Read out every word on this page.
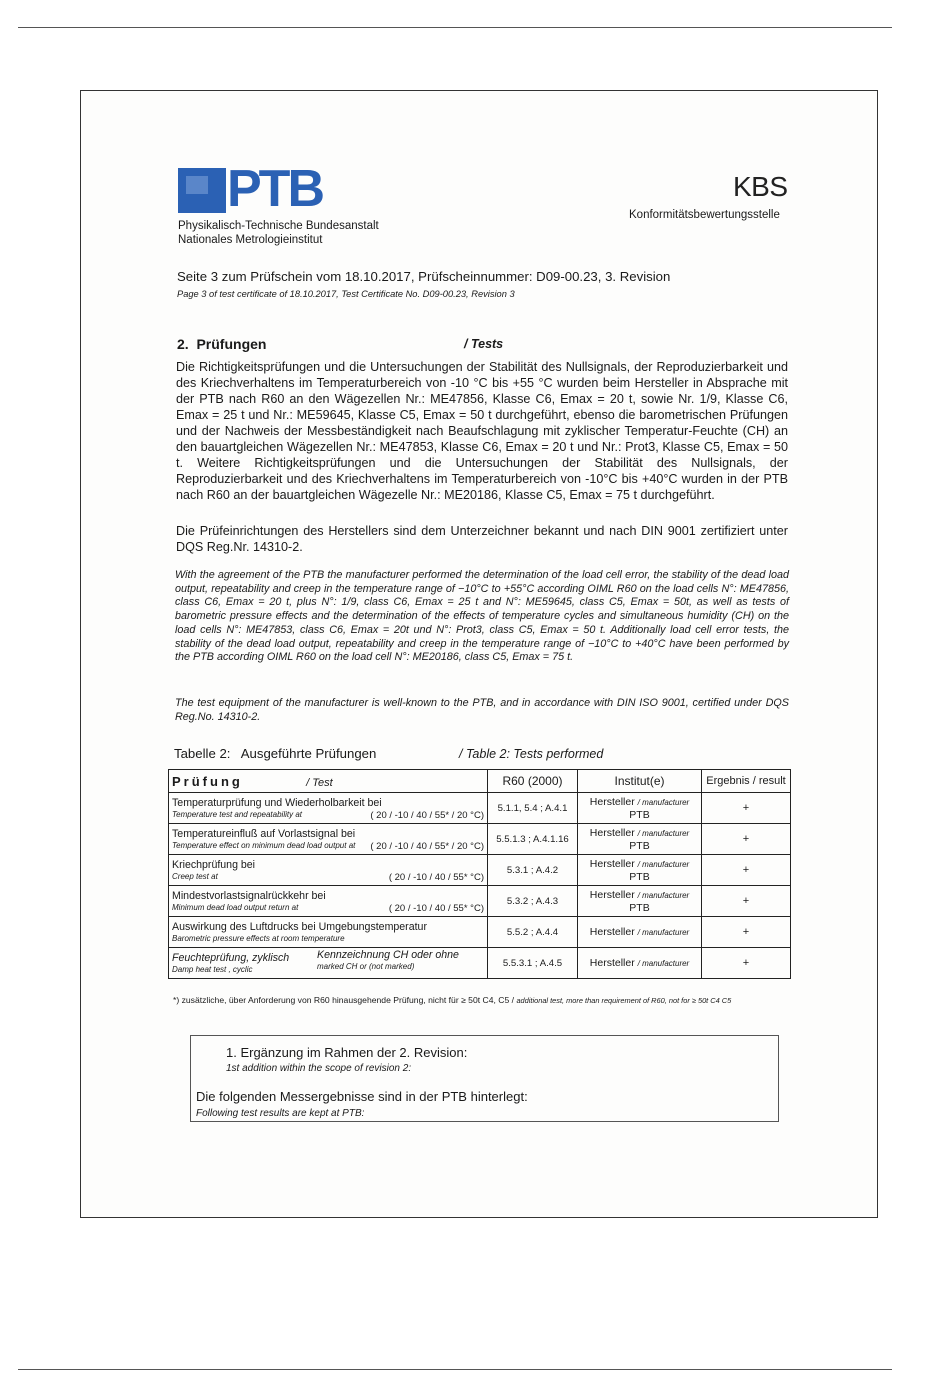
PTB
Physikalisch-Technische Bundesanstalt
Nationales Metrologieinstitut
KBS
Konformitätsbewertungsstelle
Seite 3 zum Prüfschein vom 18.10.2017, Prüfscheinnummer: D09-00.23, 3. Revision
Page 3 of test certificate of 18.10.2017, Test Certificate No. D09-00.23, Revision 3
2. Prüfungen	/ Tests
Die Richtigkeitsprüfungen und die Untersuchungen der Stabilität des Nullsignals, der Reproduzierbarkeit und des Kriechverhaltens im Temperaturbereich von -10 °C bis +55 °C wurden beim Hersteller in Absprache mit der PTB nach R60 an den Wägezellen Nr.: ME47856, Klasse C6, Emax = 20 t, sowie Nr. 1/9, Klasse C6, Emax = 25 t und Nr.: ME59645, Klasse C5, Emax = 50 t durchgeführt, ebenso die barometrischen Prüfungen und der Nachweis der Messbeständigkeit nach Beaufschlagung mit zyklischer Temperatur-Feuchte (CH) an den bauartgleichen Wägezellen Nr.: ME47853, Klasse C6, Emax = 20 t und Nr.: Prot3, Klasse C5, Emax = 50 t. Weitere Richtigkeitsprüfungen und die Untersuchungen der Stabilität des Nullsignals, der Reproduzierbarkeit und des Kriechverhaltens im Temperaturbereich von -10°C bis +40°C wurden in der PTB nach R60 an der bauartgleichen Wägezelle Nr.: ME20186, Klasse C5, Emax = 75 t durchgeführt.
Die Prüfeinrichtungen des Herstellers sind dem Unterzeichner bekannt und nach DIN 9001 zertifiziert unter DQS Reg.Nr. 14310-2.
With the agreement of the PTB the manufacturer performed the determination of the load cell error, the stability of the dead load output, repeatability and creep in the temperature range of −10°C to +55°C according OIML R60 on the load cells N°: ME47856, class C6, Emax = 20 t, plus N°: 1/9, class C6, Emax = 25 t and N°: ME59645, class C5, Emax = 50t, as well as tests of barometric pressure effects and the determination of the effects of temperature cycles and simultaneous humidity (CH) on the load cells N°: ME47853, class C6, Emax = 20t und N°: Prot3, class C5, Emax = 50 t. Additionally load cell error tests, the stability of the dead load output, repeatability and creep in the temperature range of −10°C to +40°C have been performed by the PTB according OIML R60 on the load cell N°: ME20186, class C5, Emax = 75 t.
The test equipment of the manufacturer is well-known to the PTB, and in accordance with DIN ISO 9001, certified under DQS Reg.No. 14310-2.
Tabelle 2:   Ausgeführte Prüfungen	/ Table 2: Tests performed
Prüfung / Test	R60 (2000)	Institut(e)	Ergebnis / result

Temperaturprüfung und Wiederholbarkeit bei
Temperature test and repeatability at ( 20 / -10 / 40 / 55* / 20 °C)	5.1.1, 5.4 ; A.4.1	Hersteller / manufacturer
PTB	+

Temperatureinfluß auf Vorlastsignal bei
Temperature effect on minimum dead load output at ( 20 / -10 / 40 / 55* / 20 °C)	5.5.1.3 ; A.4.1.16	Hersteller / manufacturer
PTB	+

Kriechprüfung bei
Creep test at ( 20 / -10 / 40 / 55* °C)	5.3.1 ; A.4.2	Hersteller / manufacturer
PTB	+

Mindestvorlastsignalrückkehr bei
Minimum dead load output return at ( 20 / -10 / 40 / 55* °C)	5.3.2 ; A.4.3	Hersteller / manufacturer
PTB	+

Auswirkung des Luftdrucks bei Umgebungstemperatur
Barometric pressure effects at room temperature	5.5.2 ; A.4.4	Hersteller / manufacturer	+

Feuchteprüfung, zyklisch
Damp heat test , cyclic
Kennzeichnung CH oder ohne
marked CH or (not marked)	5.5.3.1 ; A.4.5	Hersteller / manufacturer	+
*) zusätzliche, über Anforderung von R60 hinausgehende Prüfung, nicht für ≥ 50t C4, C5 / additional test, more than requirement of R60, not for ≥ 50t C4 C5
1. Ergänzung im Rahmen der 2. Revision:
1st addition within the scope of revision 2:
Die folgenden Messergebnisse sind in der PTB hinterlegt:
Following test results are kept at PTB:
